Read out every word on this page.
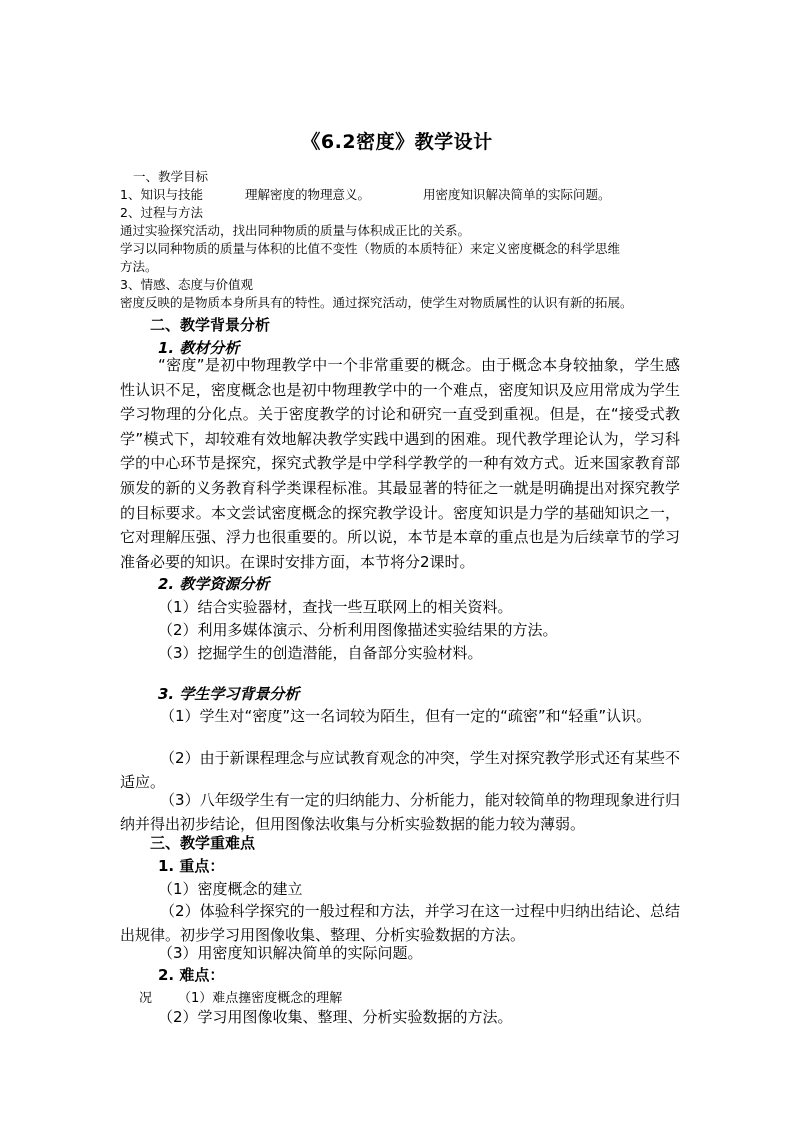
《6.2密度》教学设计
一、教学目标
1、知识与技能	理解密度的物理意义。	用密度知识解决简单的实际问题。
2、过程与方法
通过实验探究活动，找出同种物质的质量与体积成正比的关系。
学习以同种物质的质量与体积的比值不变性（物质的本质特征）来定义密度概念的科学思维
方法。
3、情感、态度与价值观
密度反映的是物质本身所具有的特性。通过探究活动，使学生对物质属性的认识有新的拓展。
二、教学背景分析
1. 教材分析
“密度”是初中物理教学中一个非常重要的概念。由于概念本身较抽象，学生感性认识不足，密度概念也是初中物理教学中的一个难点，密度知识及应用常成为学生学习物理的分化点。关于密度教学的讨论和研究一直受到重视。但是，在“接受式教学”模式下，却较难有效地解决教学实践中遇到的困难。现代教学理论认为，学习科学的中心环节是探究，探究式教学是中学科学教学的一种有效方式。近来国家教育部颁发的新的义务教育科学类课程标准。其最显著的特征之一就是明确提出对探究教学的目标要求。本文尝试密度概念的探究教学设计。密度知识是力学的基础知识之一，它对理解压强、浮力也很重要的。所以说，本节是本章的重点也是为后续章节的学习准备必要的知识。在课时安排方面，本节将分2课时。
2. 教学资源分析
（1）结合实验器材，查找一些互联网上的相关资料。
（2）利用多媒体演示、分析利用图像描述实验结果的方法。
（3）挖掘学生的创造潜能，自备部分实验材料。
3. 学生学习背景分析
（1）学生对“密度”这一名词较为陌生，但有一定的“疏密”和“轻重”认识。
（2）由于新课程理念与应试教育观念的冲突，学生对探究教学形式还有某些不适应。
（3）八年级学生有一定的归纳能力、分析能力，能对较简单的物理现象进行归纳并得出初步结论，但用图像法收集与分析实验数据的能力较为薄弱。
三、教学重难点
1. 重点：
（1）密度概念的建立
（2）体验科学探究的一般过程和方法，并学习在这一过程中归纳出结论、总结出规律。初步学习用图像收集、整理、分析实验数据的方法。
（3）用密度知识解决简单的实际问题。
2. 难点：
况 （1）难点㩙密度概念的理解
（2）学习用图像收集、整理、分析实验数据的方法。
